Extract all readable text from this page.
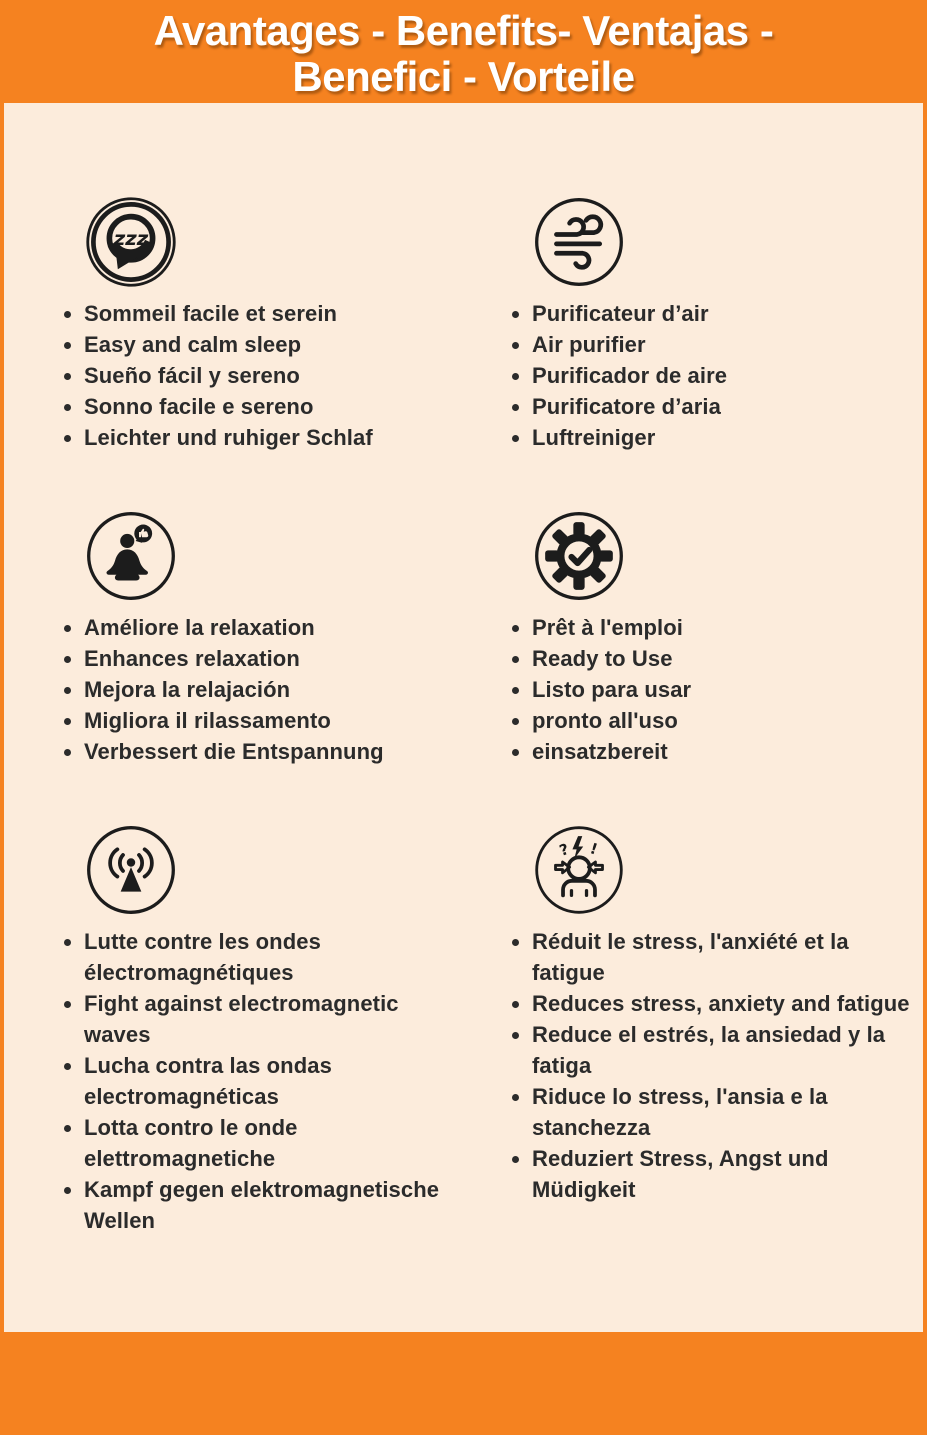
Avantages - Benefits- Ventajas -
Benefici - Vorteile
zzz
• Sommeil facile et serein
• Easy and calm sleep
• Sueño fácil y sereno
• Sonno facile e sereno
• Leichter und ruhiger Schlaf
• Purificateur d’air
• Air purifier
• Purificador de aire
• Purificatore d’aria
• Luftreiniger
• Améliore la relaxation
• Enhances relaxation
• Mejora la relajación
• Migliora il rilassamento
• Verbessert die Entspannung
• Prêt à l'emploi
• Ready to Use
• Listo para usar
• pronto all'uso
• einsatzbereit
• Lutte contre les ondes électromagnétiques
• Fight against electromagnetic waves
• Lucha contra las ondas electromagnéticas
• Lotta contro le onde elettromagnetiche
• Kampf gegen elektromagnetische Wellen
? !
• Réduit le stress, l'anxiété et la fatigue
• Reduces stress, anxiety and fatigue
• Reduce el estrés, la ansiedad y la fatiga
• Riduce lo stress, l'ansia e la stanchezza
• Reduziert Stress, Angst und Müdigkeit
